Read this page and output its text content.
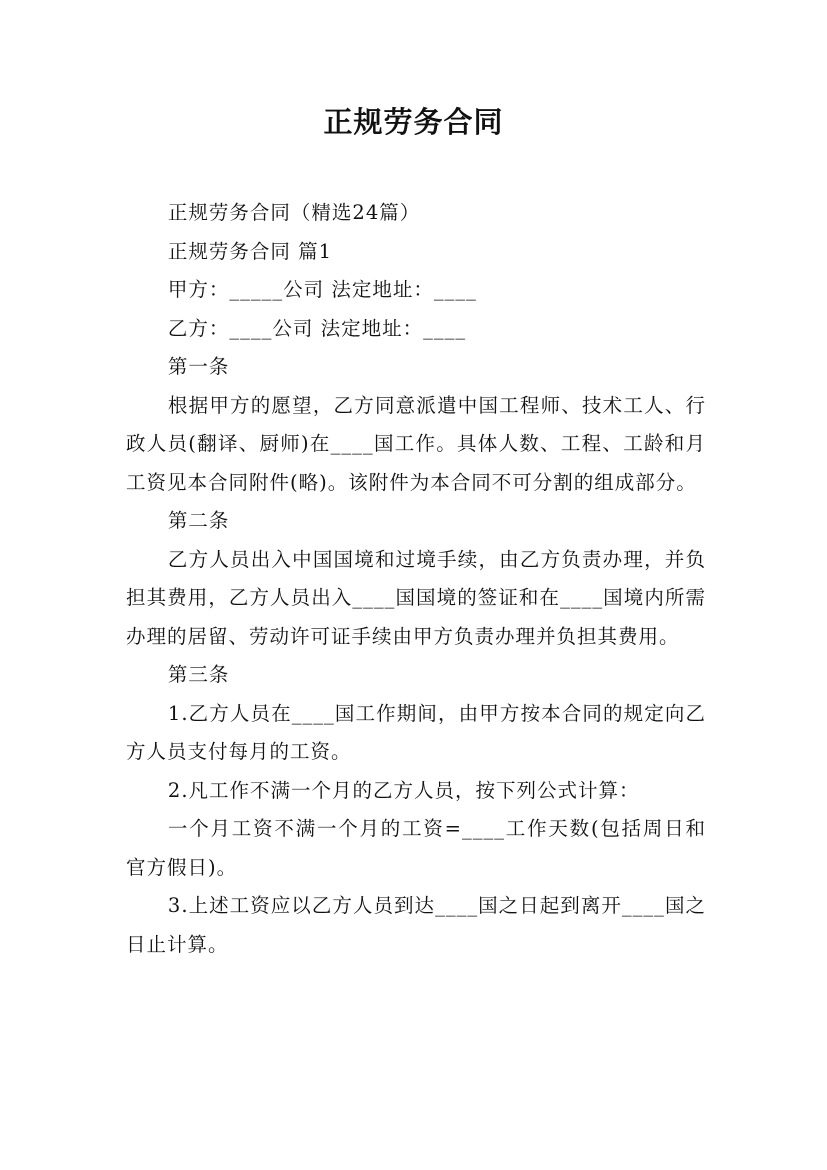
正规劳务合同

正规劳务合同（精选24篇）

正规劳务合同 篇1

甲方：_____公司 法定地址：____

乙方：____公司 法定地址：____

第一条

根据甲方的愿望，乙方同意派遣中国工程师、技术工人、行政人员(翻译、厨师)在____国工作。具体人数、工程、工龄和月工资见本合同附件(略)。该附件为本合同不可分割的组成部分。

第二条

乙方人员出入中国国境和过境手续，由乙方负责办理，并负担其费用，乙方人员出入____国国境的签证和在____国境内所需办理的居留、劳动许可证手续由甲方负责办理并负担其费用。

第三条

1.乙方人员在____国工作期间，由甲方按本合同的规定向乙方人员支付每月的工资。

2.凡工作不满一个月的乙方人员，按下列公式计算：

一个月工资不满一个月的工资=____工作天数(包括周日和官方假日)。

3.上述工资应以乙方人员到达____国之日起到离开____国之日止计算。
